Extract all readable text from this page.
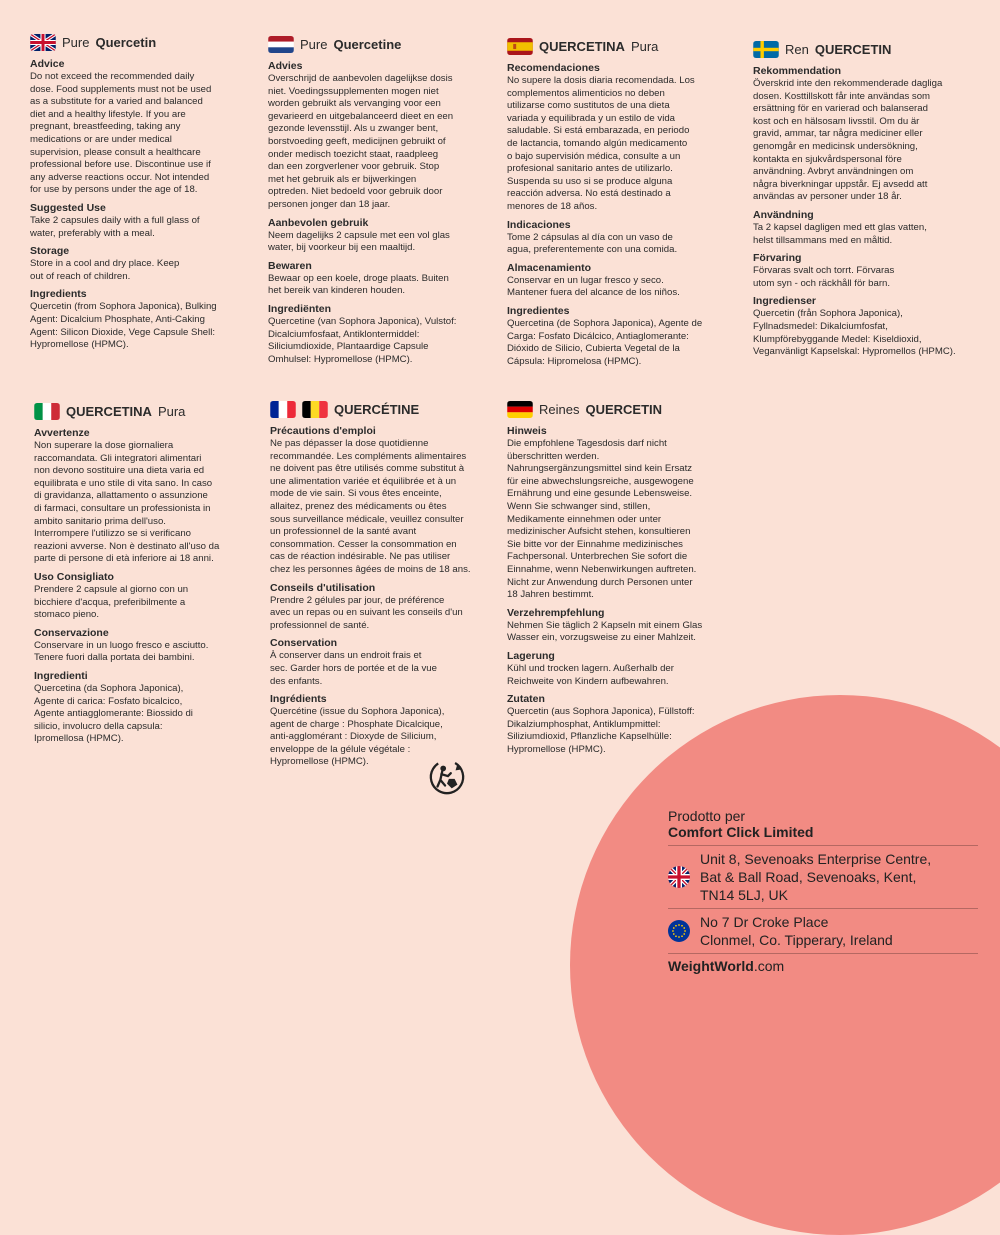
Pure Quercetin
Advice
Do not exceed the recommended daily
dose. Food supplements must not be used
as a substitute for a varied and balanced
diet and a healthy lifestyle. If you are
pregnant, breastfeeding, taking any
medications or are under medical
supervision, please consult a healthcare
professional before use. Discontinue use if
any adverse reactions occur. Not intended
for use by persons under the age of 18.
Suggested Use
Take 2 capsules daily with a full glass of
water, preferably with a meal.
Storage
Store in a cool and dry place. Keep
out of reach of children.
Ingredients
Quercetin (from Sophora Japonica), Bulking
Agent: Dicalcium Phosphate, Anti-Caking
Agent: Silicon Dioxide, Vege Capsule Shell:
Hypromellose (HPMC).
Pure Quercetine
Advies
Overschrijd de aanbevolen dagelijkse dosis
niet. Voedingssupplementen mogen niet
worden gebruikt als vervanging voor een
gevarieerd en uitgebalanceerd dieet en een
gezonde levensstijl. Als u zwanger bent,
borstvoeding geeft, medicijnen gebruikt of
onder medisch toezicht staat, raadpleeg
dan een zorgverlener voor gebruik. Stop
met het gebruik als er bijwerkingen
optreden. Niet bedoeld voor gebruik door
personen jonger dan 18 jaar.
Aanbevolen gebruik
Neem dagelijks 2 capsule met een vol glas
water, bij voorkeur bij een maaltijd.
Bewaren
Bewaar op een koele, droge plaats. Buiten
het bereik van kinderen houden.
Ingrediënten
Quercetine (van Sophora Japonica), Vulstof:
Dicalciumfosfaat, Antiklontermiddel:
Siliciumdioxide, Plantaardige Capsule
Omhulsel: Hypromellose (HPMC).
QUERCETINA Pura
Recomendaciones
No supere la dosis diaria recomendada. Los
complementos alimenticios no deben
utilizarse como sustitutos de una dieta
variada y equilibrada y un estilo de vida
saludable. Si está embarazada, en periodo
de lactancia, tomando algún medicamento
o bajo supervisión médica, consulte a un
profesional sanitario antes de utilizarlo.
Suspenda su uso si se produce alguna
reacción adversa. No está destinado a
menores de 18 años.
Indicaciones
Tome 2 cápsulas al día con un vaso de
agua, preferentemente con una comida.
Almacenamiento
Conservar en un lugar fresco y seco.
Mantener fuera del alcance de los niños.
Ingredientes
Quercetina (de Sophora Japonica), Agente de
Carga: Fosfato Dicálcico, Antiaglomerante:
Dióxido de Silicio, Cubierta Vegetal de la
Cápsula: Hipromelosa (HPMC).
Ren QUERCETIN
Rekommendation
Överskrid inte den rekommenderade dagliga
dosen. Kosttillskott får inte användas som
ersättning för en varierad och balanserad
kost och en hälsosam livsstil. Om du är
gravid, ammar, tar några mediciner eller
genomgår en medicinsk undersökning,
kontakta en sjukvårdspersonal före
användning. Avbryt användningen om
några biverkningar uppstår. Ej avsedd att
användas av personer under 18 år.
Användning
Ta 2 kapsel dagligen med ett glas vatten,
helst tillsammans med en måltid.
Förvaring
Förvaras svalt och torrt. Förvaras
utom syn - och räckhåll för barn.
Ingredienser
Quercetin (från Sophora Japonica),
Fyllnadsmedel: Dikalciumfosfat,
Klumpförebyggande Medel: Kiseldioxid,
Veganvänligt Kapselskal: Hypromellos (HPMC).
QUERCETINA Pura
Avvertenze
Non superare la dose giornaliera
raccomandata. Gli integratori alimentari
non devono sostituire una dieta varia ed
equilibrata e uno stile di vita sano. In caso
di gravidanza, allattamento o assunzione
di farmaci, consultare un professionista in
ambito sanitario prima dell'uso.
Interrompere l'utilizzo se si verificano
reazioni avverse. Non è destinato all'uso da
parte di persone di età inferiore ai 18 anni.
Uso Consigliato
Prendere 2 capsule al giorno con un
bicchiere d'acqua, preferibilmente a
stomaco pieno.
Conservazione
Conservare in un luogo fresco e asciutto.
Tenere fuori dalla portata dei bambini.
Ingredienti
Quercetina (da Sophora Japonica),
Agente di carica: Fosfato bicalcico,
Agente antiagglomerante: Biossido di
silicio, involucro della capsula:
Ipromellosa (HPMC).
QUERCÉTINE
Précautions d'emploi
Ne pas dépasser la dose quotidienne
recommandée. Les compléments alimentaires
ne doivent pas être utilisés comme substitut à
une alimentation variée et équilibrée et à un
mode de vie sain. Si vous êtes enceinte,
allaitez, prenez des médicaments ou êtes
sous surveillance médicale, veuillez consulter
un professionnel de la santé avant
consommation. Cesser la consommation en
cas de réaction indésirable. Ne pas utiliser
chez les personnes âgées de moins de 18 ans.
Conseils d'utilisation
Prendre 2 gélules par jour, de préférence
avec un repas ou en suivant les conseils d'un
professionnel de santé.
Conservation
À conserver dans un endroit frais et
sec. Garder hors de portée et de la vue
des enfants.
Ingrédients
Quercétine (issue du Sophora Japonica),
agent de charge : Phosphate Dicalcique,
anti-agglomérant : Dioxyde de Silicium,
enveloppe de la gélule végétale :
Hypromellose (HPMC).
Reines QUERCETIN
Hinweis
Die empfohlene Tagesdosis darf nicht
überschritten werden.
Nahrungsergänzungsmittel sind kein Ersatz
für eine abwechslungsreiche, ausgewogene
Ernährung und eine gesunde Lebensweise.
Wenn Sie schwanger sind, stillen,
Medikamente einnehmen oder unter
medizinischer Aufsicht stehen, konsultieren
Sie bitte vor der Einnahme medizinisches
Fachpersonal. Unterbrechen Sie sofort die
Einnahme, wenn Nebenwirkungen auftreten.
Nicht zur Anwendung durch Personen unter
18 Jahren bestimmt.
Verzehrempfehlung
Nehmen Sie täglich 2 Kapseln mit einem Glas
Wasser ein, vorzugsweise zu einer Mahlzeit.
Lagerung
Kühl und trocken lagern. Außerhalb der
Reichweite von Kindern aufbewahren.
Zutaten
Quercetin (aus Sophora Japonica), Füllstoff:
Dikalziumphosphat, Antiklumpmittel:
Siliziumdioxid, Pflanzliche Kapselhülle:
Hypromellose (HPMC).
Prodotto per
Comfort Click Limited
Unit 8, Sevenoaks Enterprise Centre,
Bat & Ball Road, Sevenoaks, Kent,
TN14 5LJ, UK
No 7 Dr Croke Place
Clonmel, Co. Tipperary, Ireland
WeightWorld.com
